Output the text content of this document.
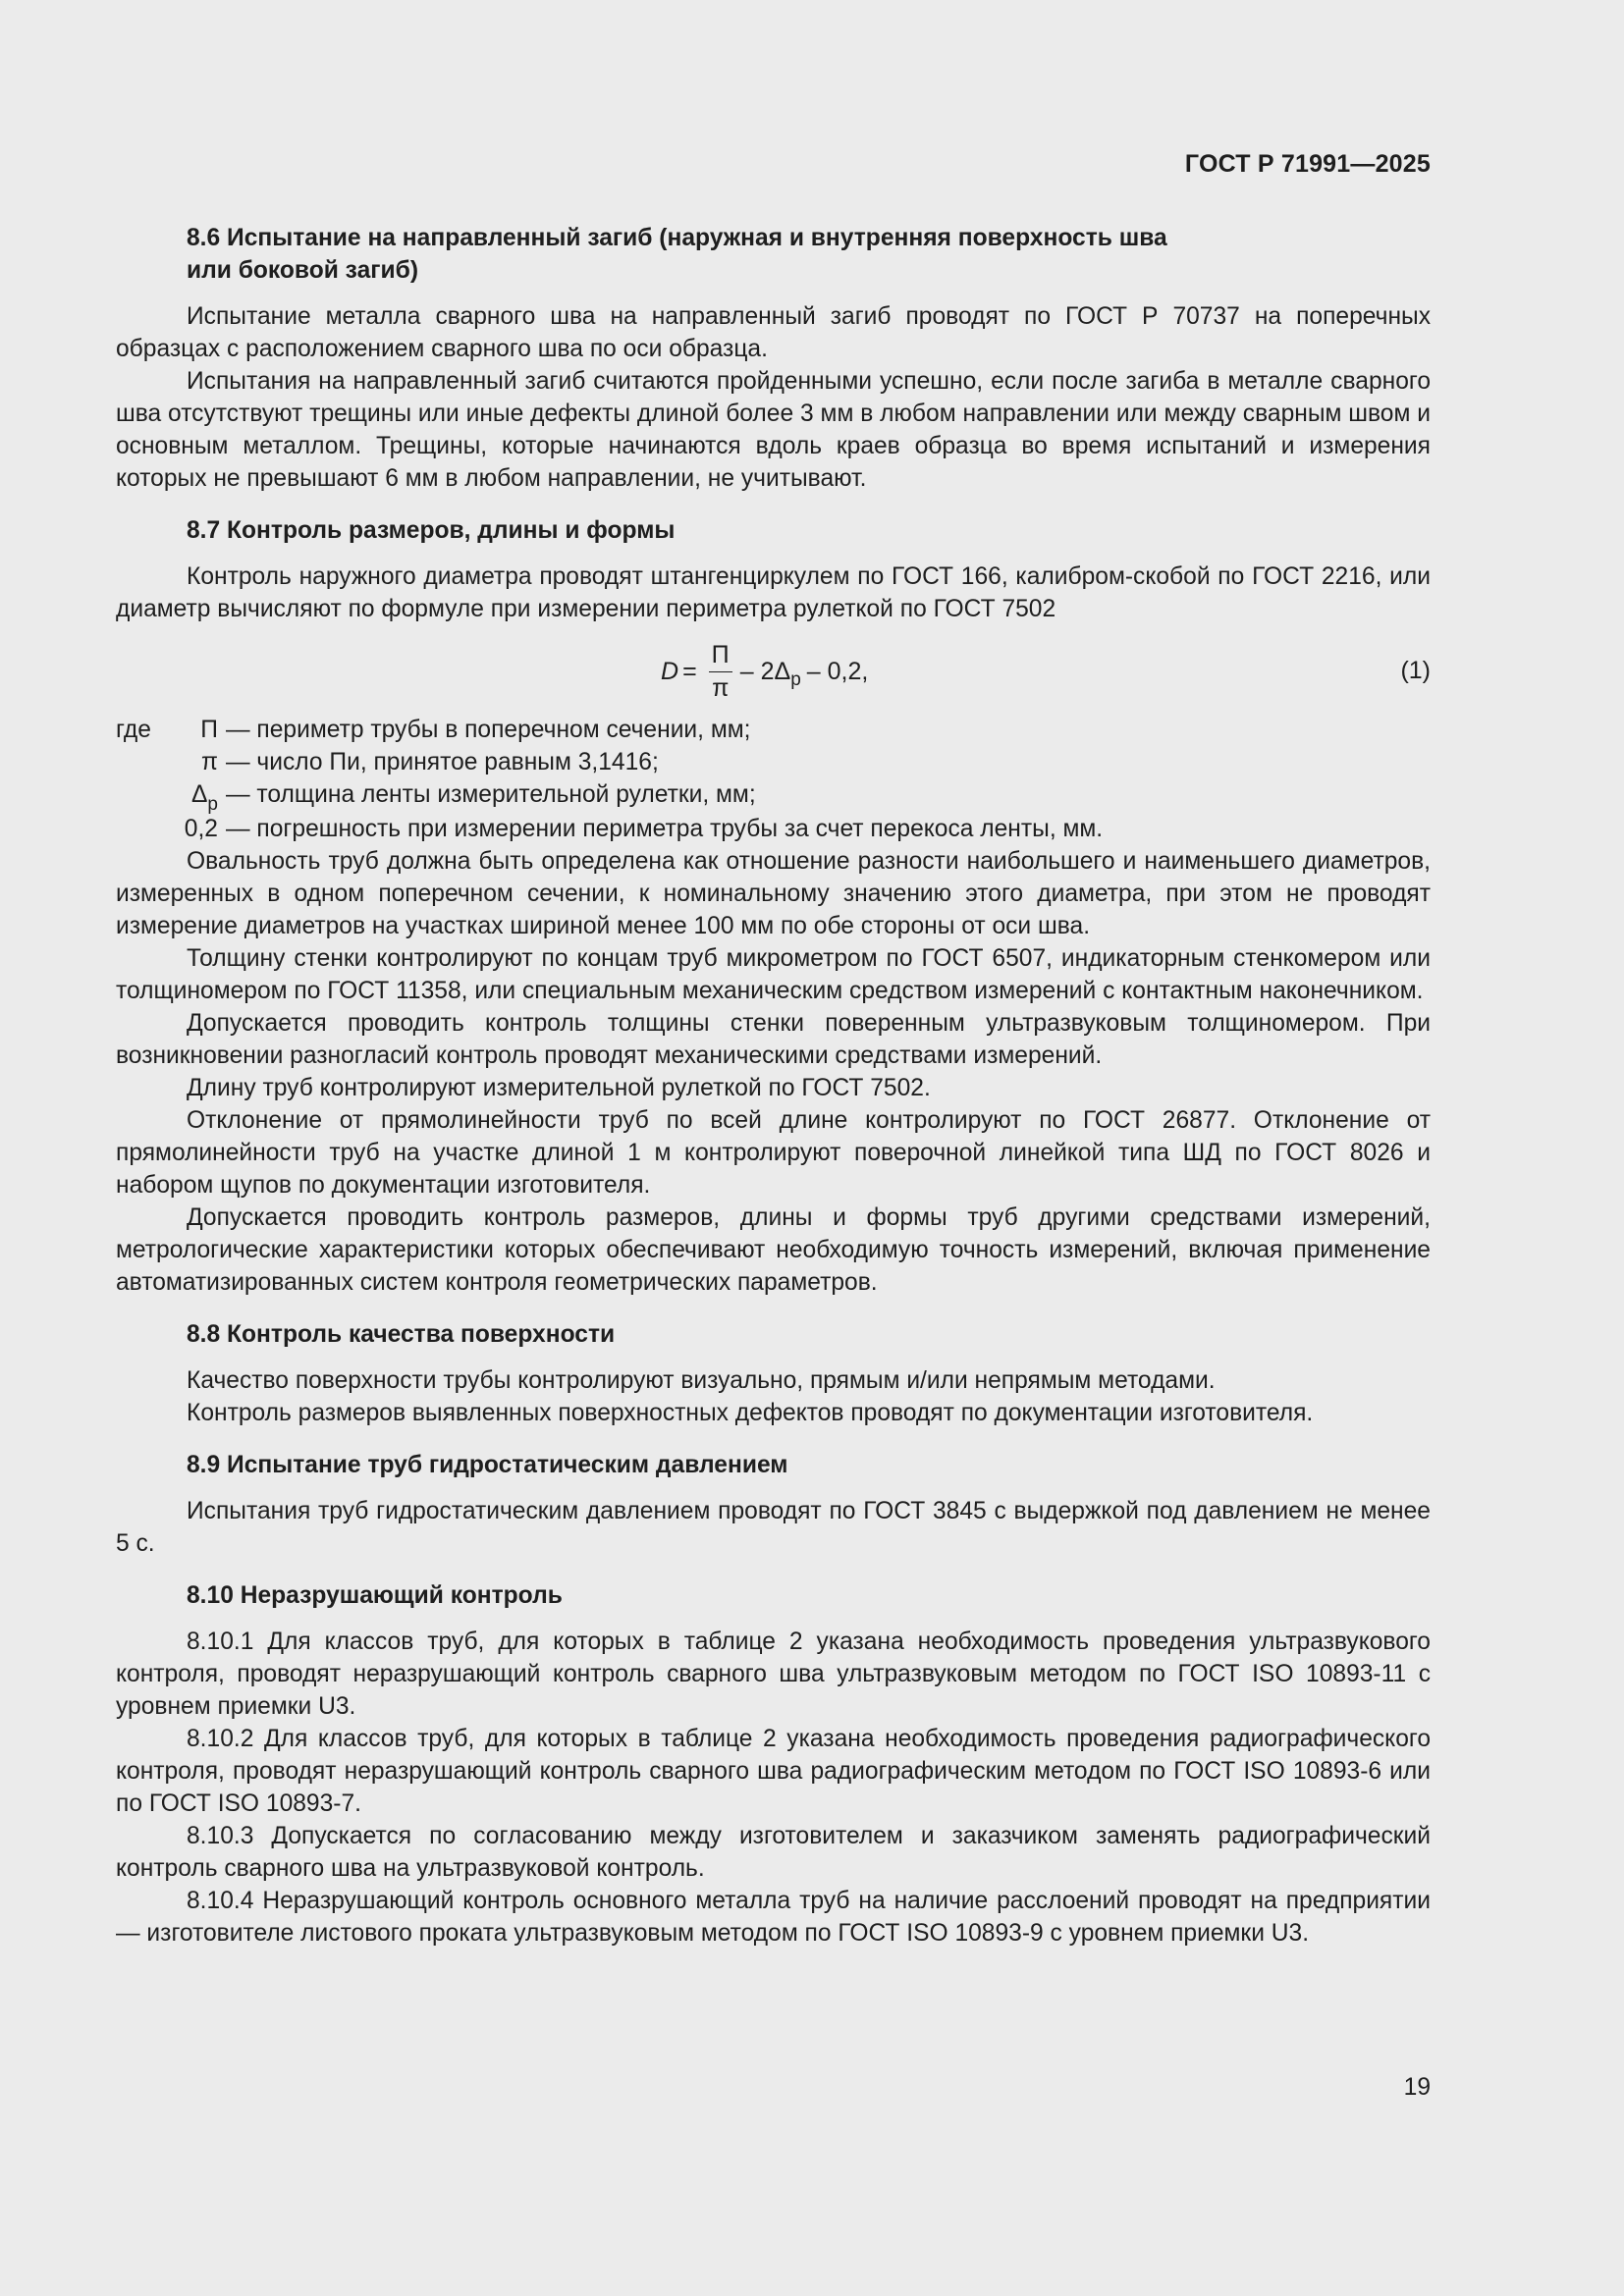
ГОСТ Р 71991—2025
8.6 Испытание на направленный загиб (наружная и внутренняя поверхность шва
или боковой загиб)

Испытание металла сварного шва на направленный загиб проводят по ГОСТ Р 70737 на поперечных образцах с расположением сварного шва по оси образца.

Испытания на направленный загиб считаются пройденными успешно, если после загиба в металле сварного шва отсутствуют трещины или иные дефекты длиной более 3 мм в любом направлении или между сварным швом и основным металлом. Трещины, которые начинаются вдоль краев образца во время испытаний и измерения которых не превышают 6 мм в любом направлении, не учитывают.

8.7 Контроль размеров, длины и формы

Контроль наружного диаметра проводят штангенциркулем по ГОСТ 166, калибром-скобой по ГОСТ 2216, или диаметр вычисляют по формуле при измерении периметра рулеткой по ГОСТ 7502

$D = \frac{\Pi}{\pi} - 2\Delta$ p – 0,2,	(1)
где	Π — периметр трубы в поперечном сечении, мм;
π — число Пи, принятое равным 3,1416;
$\Delta_p$ — толщина ленты измерительной рулетки, мм;
0,2 — погрешность при измерении периметра трубы за счет перекоса ленты, мм.

Овальность труб должна быть определена как отношение разности наибольшего и наименьшего диаметров, измеренных в одном поперечном сечении, к номинальному значению этого диаметра, при этом не проводят измерение диаметров на участках шириной менее 100 мм по обе стороны от оси шва.

Толщину стенки контролируют по концам труб микрометром по ГОСТ 6507, индикаторным стенкомером или толщиномером по ГОСТ 11358, или специальным механическим средством измерений с контактным наконечником.

Допускается проводить контроль толщины стенки поверенным ультразвуковым толщиномером. При возникновении разногласий контроль проводят механическими средствами измерений.

Длину труб контролируют измерительной рулеткой по ГОСТ 7502.

Отклонение от прямолинейности труб по всей длине контролируют по ГОСТ 26877. Отклонение от прямолинейности труб на участке длиной 1 м контролируют поверочной линейкой типа ШД по ГОСТ 8026 и набором щупов по документации изготовителя.

Допускается проводить контроль размеров, длины и формы труб другими средствами измерений, метрологические характеристики которых обеспечивают необходимую точность измерений, включая применение автоматизированных систем контроля геометрических параметров.

8.8 Контроль качества поверхности

Качество поверхности трубы контролируют визуально, прямым и/или непрямым методами.

Контроль размеров выявленных поверхностных дефектов проводят по документации изготовителя.

8.9 Испытание труб гидростатическим давлением

Испытания труб гидростатическим давлением проводят по ГОСТ 3845 с выдержкой под давлением не менее 5 с.

8.10 Неразрушающий контроль

8.10.1 Для классов труб, для которых в таблице 2 указана необходимость проведения ультразвукового контроля, проводят неразрушающий контроль сварного шва ультразвуковым методом по ГОСТ ISO 10893-11 с уровнем приемки U3.

8.10.2 Для классов труб, для которых в таблице 2 указана необходимость проведения радиографического контроля, проводят неразрушающий контроль сварного шва радиографическим методом по ГОСТ ISO 10893-6 или по ГОСТ ISO 10893-7.

8.10.3 Допускается по согласованию между изготовителем и заказчиком заменять радиографический контроль сварного шва на ультразвуковой контроль.

8.10.4 Неразрушающий контроль основного металла труб на наличие расслоений проводят на предприятии — изготовителе листового проката ультразвуковым методом по ГОСТ ISO 10893-9 с уровнем приемки U3.

19
